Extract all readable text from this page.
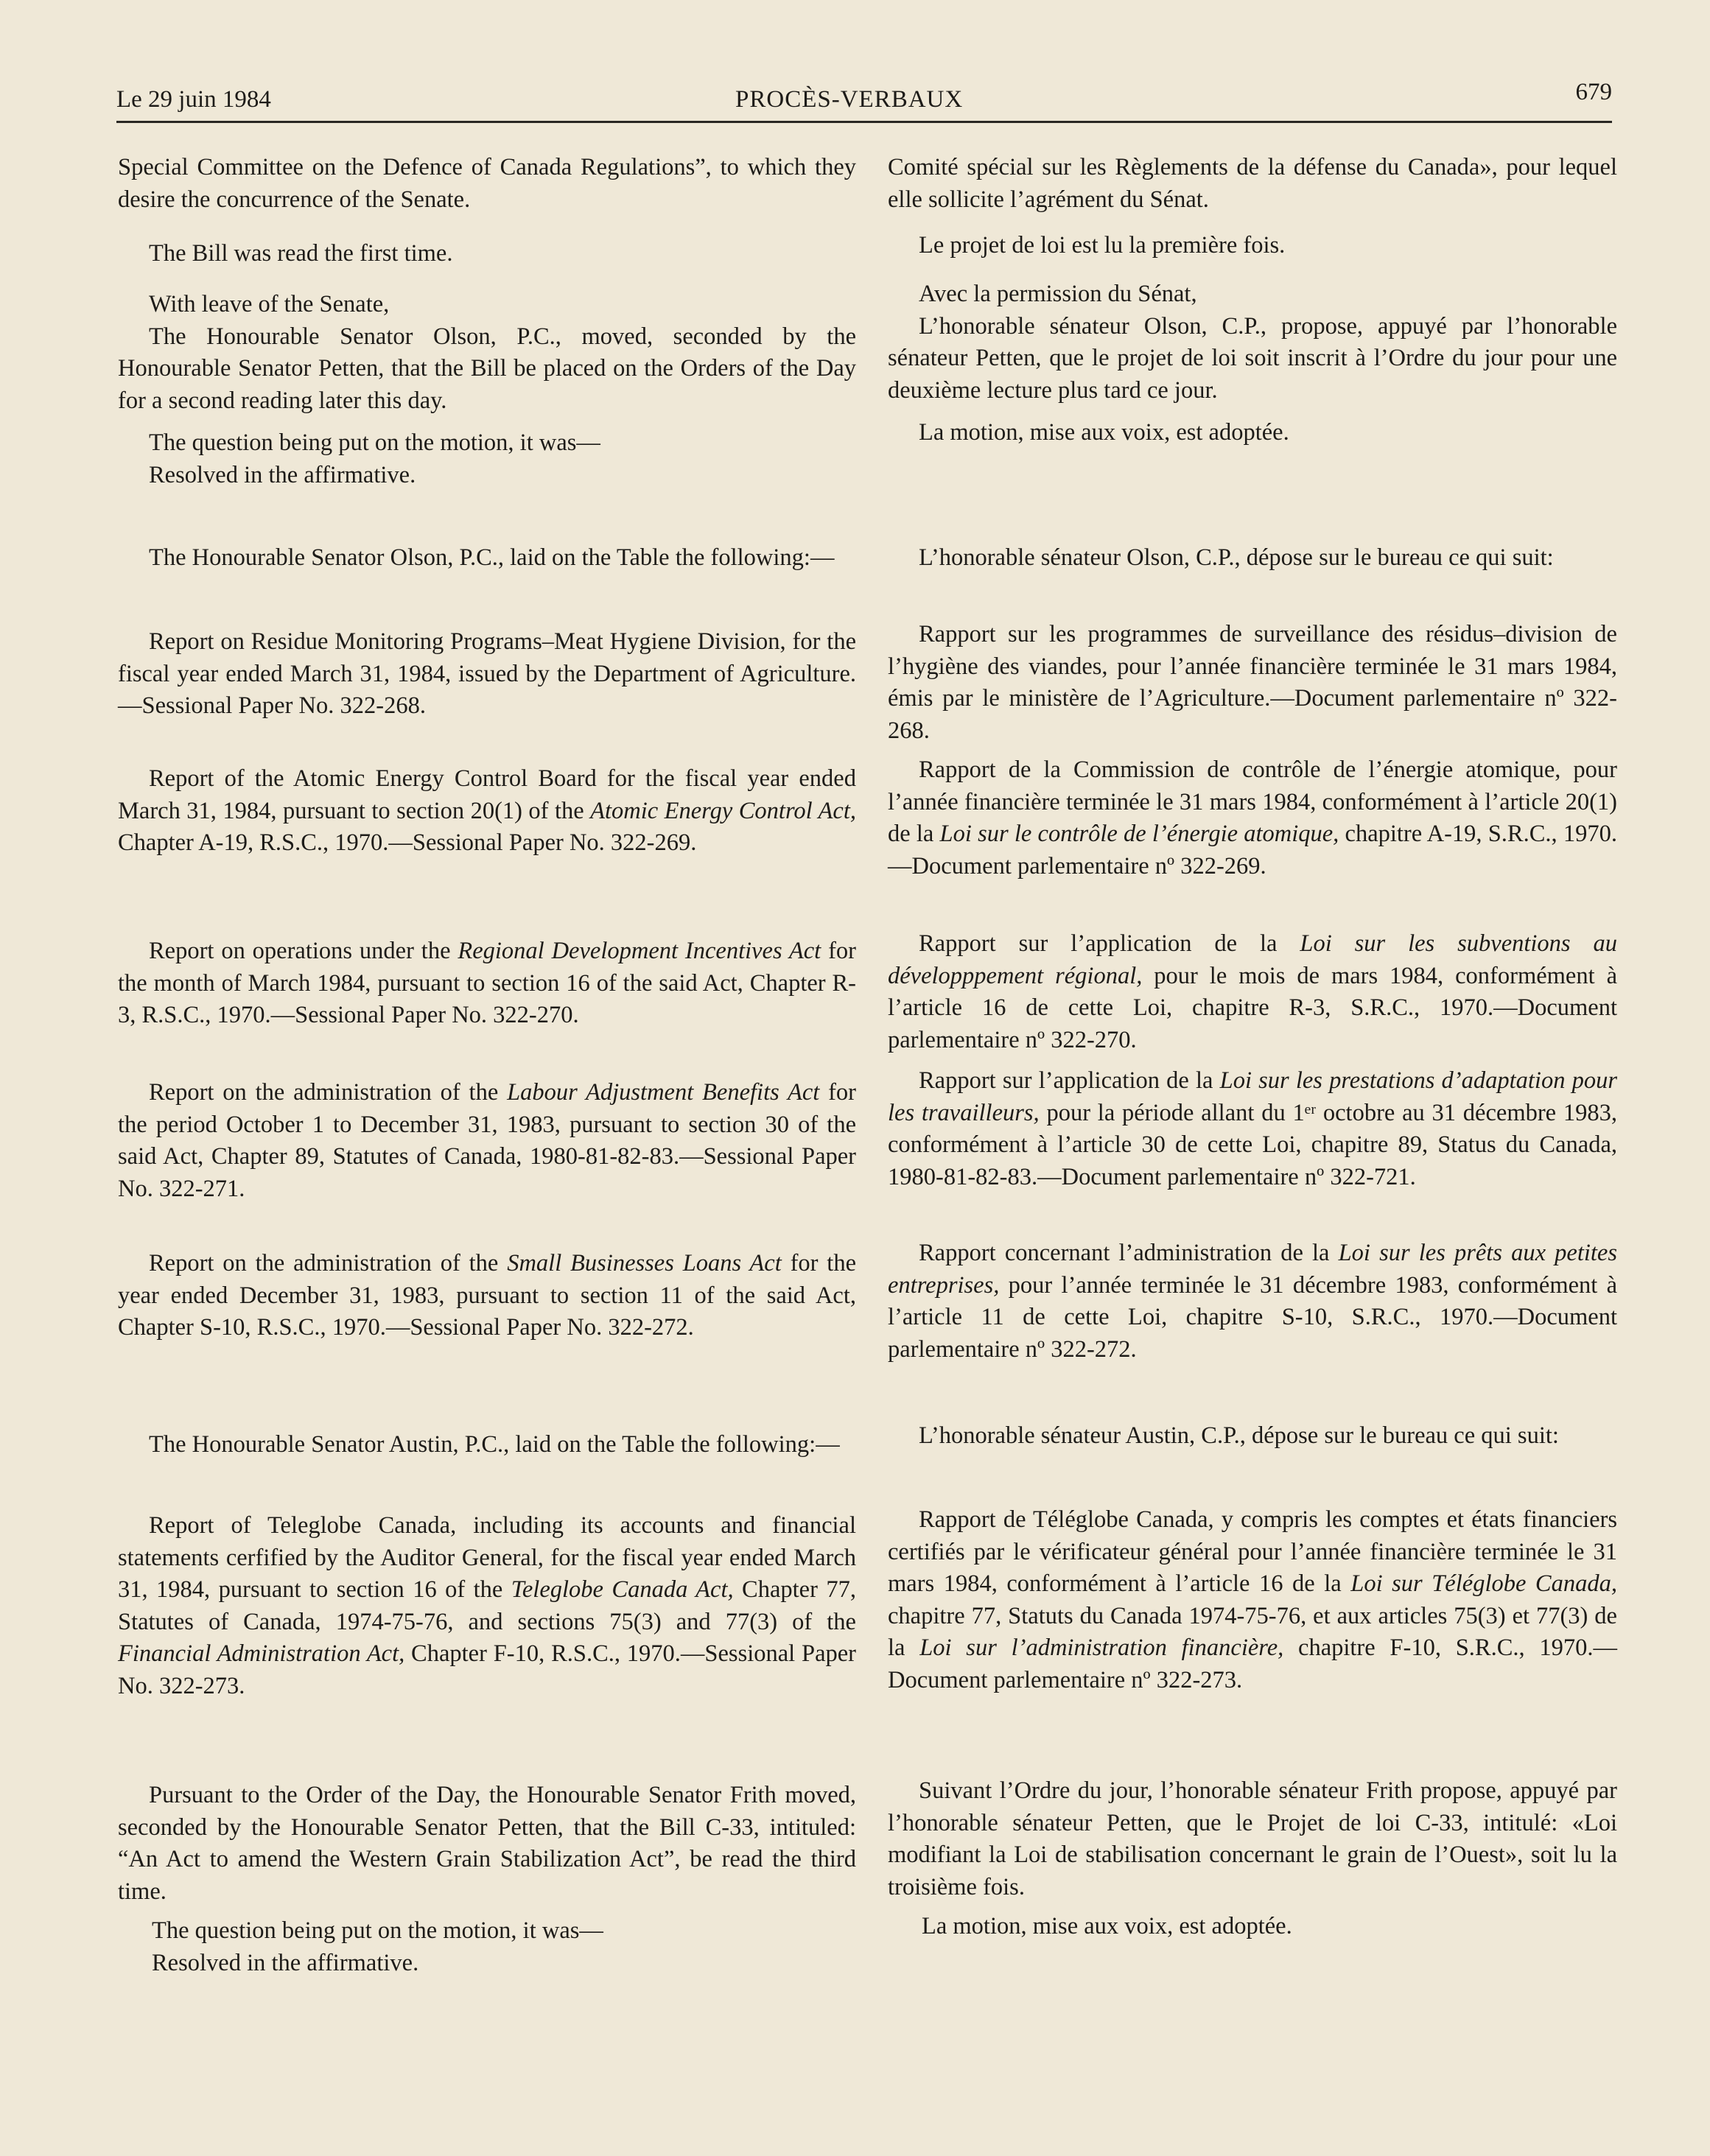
Le 29 juin 1984	PROCÈS-VERBAUX	679

Special Committee on the Defence of Canada Regulations”, to which they desire the concurrence of the Senate.

The Bill was read the first time.

With leave of the Senate,

The Honourable Senator Olson, P.C., moved, seconded by the Honourable Senator Petten, that the Bill be placed on the Orders of the Day for a second reading later this day.

The question being put on the motion, it was—

Resolved in the affirmative.

The Honourable Senator Olson, P.C., laid on the Table the following:—

Report on Residue Monitoring Programs–Meat Hygiene Division, for the fiscal year ended March 31, 1984, issued by the Department of Agriculture.—Sessional Paper No. 322-268.

Report of the Atomic Energy Control Board for the fiscal year ended March 31, 1984, pursuant to section 20(1) of the Atomic Energy Control Act, Chapter A-19, R.S.C., 1970.—Sessional Paper No. 322-269.

Report on operations under the Regional Development Incentives Act for the month of March 1984, pursuant to section 16 of the said Act, Chapter R-3, R.S.C., 1970.—Sessional Paper No. 322-270.

Report on the administration of the Labour Adjustment Benefits Act for the period October 1 to December 31, 1983, pursuant to section 30 of the said Act, Chapter 89, Statutes of Canada, 1980-81-82-83.—Sessional Paper No. 322-271.

Report on the administration of the Small Businesses Loans Act for the year ended December 31, 1983, pursuant to section 11 of the said Act, Chapter S-10, R.S.C., 1970.—Sessional Paper No. 322-272.

The Honourable Senator Austin, P.C., laid on the Table the following:—

Report of Teleglobe Canada, including its accounts and financial statements cerfified by the Auditor General, for the fiscal year ended March 31, 1984, pursuant to section 16 of the Teleglobe Canada Act, Chapter 77, Statutes of Canada, 1974-75-76, and sections 75(3) and 77(3) of the Financial Administration Act, Chapter F-10, R.S.C., 1970.—Sessional Paper No. 322-273.

Pursuant to the Order of the Day, the Honourable Senator Frith moved, seconded by the Honourable Senator Petten, that the Bill C-33, intituled: “An Act to amend the Western Grain Stabilization Act”, be read the third time.

The question being put on the motion, it was—

Resolved in the affirmative.

Comité spécial sur les Règlements de la défense du Canada», pour lequel elle sollicite l’agrément du Sénat.

Le projet de loi est lu la première fois.

Avec la permission du Sénat,

L’honorable sénateur Olson, C.P., propose, appuyé par l’honorable sénateur Petten, que le projet de loi soit inscrit à l’Ordre du jour pour une deuxième lecture plus tard ce jour.

La motion, mise aux voix, est adoptée.

L’honorable sénateur Olson, C.P., dépose sur le bureau ce qui suit:

Rapport sur les programmes de surveillance des résidus–division de l’hygiène des viandes, pour l’année financière terminée le 31 mars 1984, émis par le ministère de l’Agriculture.—Document parlementaire nº 322-268.

Rapport de la Commission de contrôle de l’énergie atomique, pour l’année financière terminée le 31 mars 1984, conformément à l’article 20(1) de la Loi sur le contrôle de l’énergie atomique, chapitre A-19, S.R.C., 1970.—Document parlementaire nº 322-269.

Rapport sur l’application de la Loi sur les subventions au développpement régional, pour le mois de mars 1984, conformément à l’article 16 de cette Loi, chapitre R-3, S.R.C., 1970.—Document parlementaire nº 322-270.

Rapport sur l’application de la Loi sur les prestations d’adaptation pour les travailleurs, pour la période allant du 1ᵉʳ octobre au 31 décembre 1983, conformément à l’article 30 de cette Loi, chapitre 89, Status du Canada, 1980-81-82-83.—Document parlementaire nº 322-721.

Rapport concernant l’administration de la Loi sur les prêts aux petites entreprises, pour l’année terminée le 31 décembre 1983, conformément à l’article 11 de cette Loi, chapitre S-10, S.R.C., 1970.—Document parlementaire nº 322-272.

L’honorable sénateur Austin, C.P., dépose sur le bureau ce qui suit:

Rapport de Téléglobe Canada, y compris les comptes et états financiers certifiés par le vérificateur général pour l’année financière terminée le 31 mars 1984, conformément à l’article 16 de la Loi sur Téléglobe Canada, chapitre 77, Statuts du Canada 1974-75-76, et aux articles 75(3) et 77(3) de la Loi sur l’administration financière, chapitre F-10, S.R.C., 1970.—Document parlementaire nº 322-273.

Suivant l’Ordre du jour, l’honorable sénateur Frith propose, appuyé par l’honorable sénateur Petten, que le Projet de loi C-33, intitulé: «Loi modifiant la Loi de stabilisation concernant le grain de l’Ouest», soit lu la troisième fois.

La motion, mise aux voix, est adoptée.
